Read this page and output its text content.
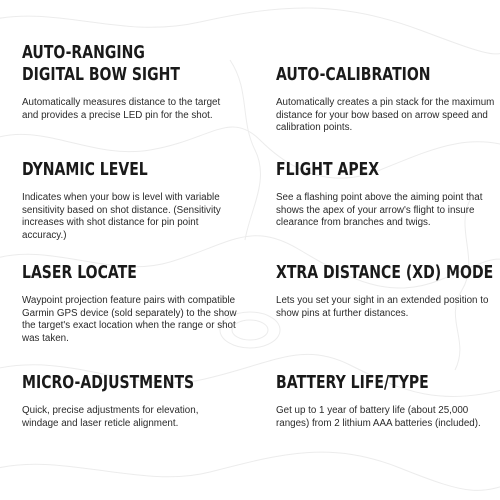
AUTO-RANGING
DIGITAL BOW SIGHT

Automatically measures distance to the target and provides a precise LED pin for the shot.

AUTO-CALIBRATION

Automatically creates a pin stack for the maximum distance for your bow based on arrow speed and calibration points.

DYNAMIC LEVEL

Indicates when your bow is level with variable sensitivity based on shot distance. (Sensitivity increases with shot distance for pin point accuracy.)

FLIGHT APEX

See a flashing point above the aiming point that shows the apex of your arrow's flight to insure clearance from branches and twigs.

LASER LOCATE

Waypoint projection feature pairs with compatible Garmin GPS device (sold separately) to the show the target's exact location when the range or shot was taken.

XTRA DISTANCE (XD) MODE

Lets you set your sight in an extended position to show pins at further distances.

MICRO-ADJUSTMENTS

Quick, precise adjustments for elevation, windage and laser reticle alignment.

BATTERY LIFE/TYPE

Get up to 1 year of battery life (about 25,000 ranges) from 2 lithium AAA batteries (included).
